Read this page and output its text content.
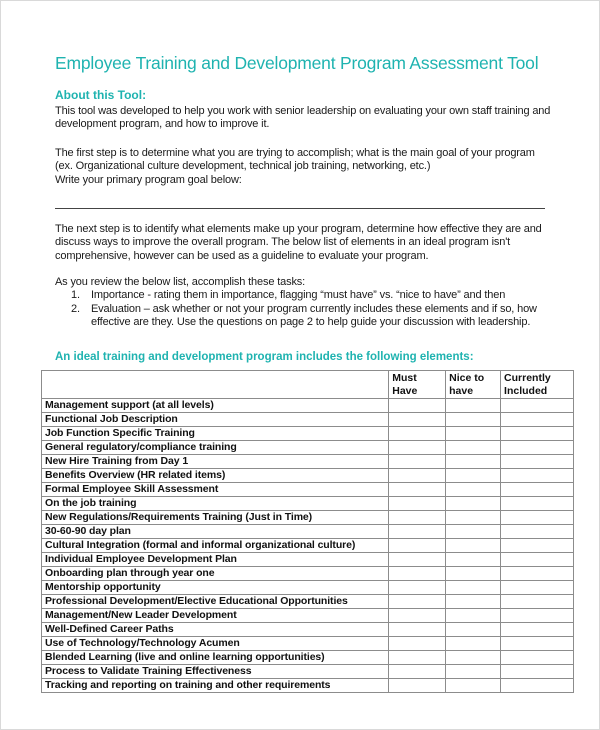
Employee Training and Development Program Assessment Tool
About this Tool:
This tool was developed to help you work with senior leadership on evaluating your own staff training and development program, and how to improve it.
The first step is to determine what you are trying to accomplish; what is the main goal of your program (ex. Organizational culture development, technical job training, networking, etc.)
Write your primary program goal below:
The next step is to identify what elements make up your program, determine how effective they are and discuss ways to improve the overall program. The below list of elements in an ideal program isn't comprehensive, however can be used as a guideline to evaluate your program.
As you review the below list, accomplish these tasks:
1. Importance - rating them in importance, flagging “must have” vs. “nice to have” and then
2. Evaluation – ask whether or not your program currently includes these elements and if so, how effective are they. Use the questions on page 2 to help guide your discussion with leadership.
An ideal training and development program includes the following elements:
	Must Have	Nice to have	Currently Included
Management support (at all levels)			
Functional Job Description			
Job Function Specific Training			
General regulatory/compliance training			
New Hire Training from Day 1			
Benefits Overview (HR related items)			
Formal Employee Skill Assessment			
On the job training			
New Regulations/Requirements Training (Just in Time)			
30-60-90 day plan			
Cultural Integration (formal and informal organizational culture)			
Individual Employee Development Plan			
Onboarding plan through year one			
Mentorship opportunity			
Professional Development/Elective Educational Opportunities			
Management/New Leader Development			
Well-Defined Career Paths			
Use of Technology/Technology Acumen			
Blended Learning (live and online learning opportunities)			
Process to Validate Training Effectiveness			
Tracking and reporting on training and other requirements			
